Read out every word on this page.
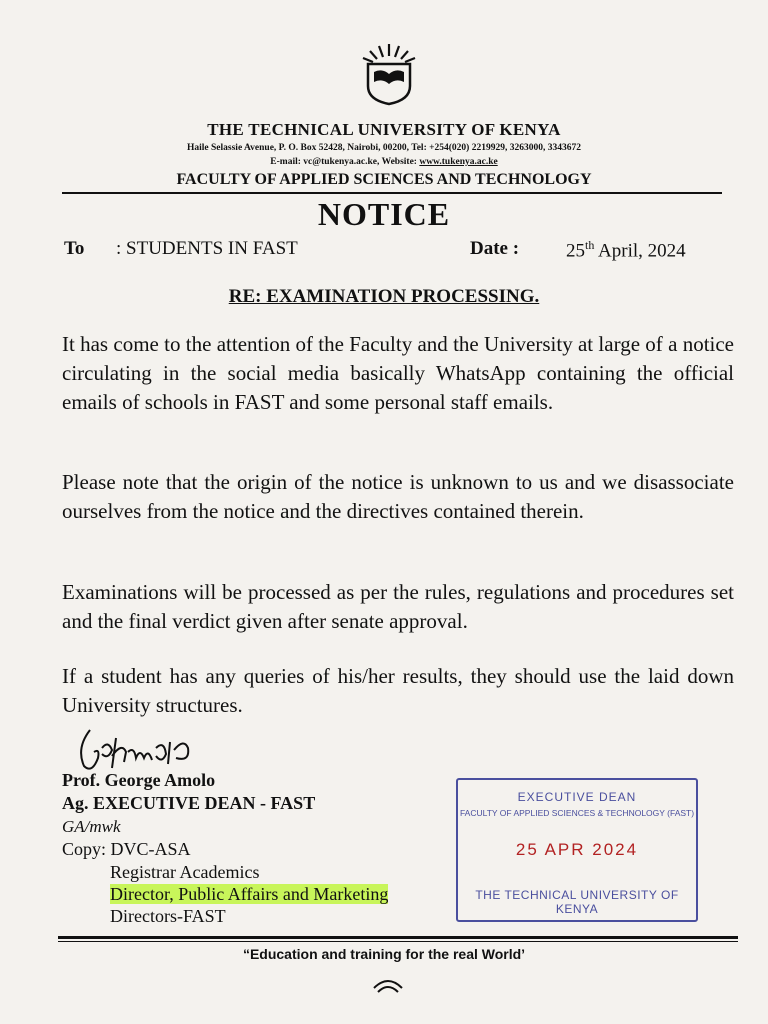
THE TECHNICAL UNIVERSITY OF KENYA
Haile Selassie Avenue, P. O. Box 52428, Nairobi, 00200, Tel: +254(020) 2219929, 3263000, 3343672
E-mail: vc@tukenya.ac.ke, Website: www.tukenya.ac.ke
FACULTY OF APPLIED SCIENCES AND TECHNOLOGY
NOTICE
To : STUDENTS IN FAST	Date : 25th April, 2024
RE: EXAMINATION PROCESSING.
It has come to the attention of the Faculty and the University at large of a notice circulating in the social media basically WhatsApp containing the official emails of schools in FAST and some personal staff emails.
Please note that the origin of the notice is unknown to us and we disassociate ourselves from the notice and the directives contained therein.
Examinations will be processed as per the rules, regulations and procedures set and the final verdict given after senate approval.
If a student has any queries of his/her results, they should use the laid down University structures.
Prof. George Amolo
Ag. EXECUTIVE DEAN - FAST
GA/mwk
Copy: DVC-ASA
Registrar Academics
Director, Public Affairs and Marketing
Directors-FAST
EXECUTIVE DEAN
FACULTY OF APPLIED SCIENCES & TECHNOLOGY (FAST)
25 APR 2024
THE TECHNICAL UNIVERSITY OF KENYA
“Education and training for the real World’
